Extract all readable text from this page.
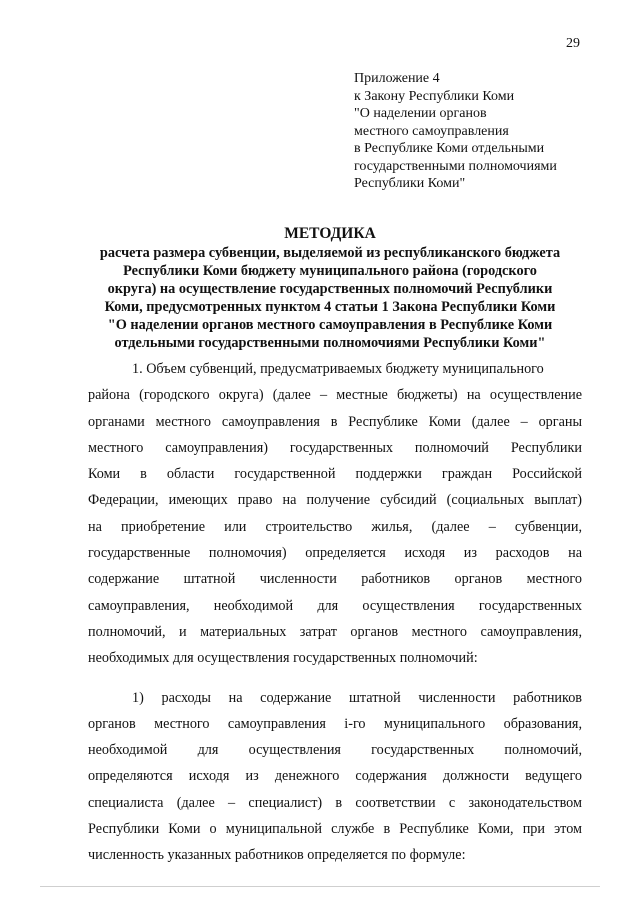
29
Приложение 4
к Закону Республики Коми
"О наделении органов
местного самоуправления
в Республике Коми отдельными
государственными полномочиями
Республики Коми"
МЕТОДИКА
расчета размера субвенции, выделяемой из республиканского бюджета
Республики Коми бюджету муниципального района (городского
округа) на осуществление государственных полномочий Республики
Коми, предусмотренных пунктом 4 статьи 1 Закона Республики Коми
"О наделении органов местного самоуправления в Республике Коми
отдельными государственными полномочиями Республики Коми"
1. Объем субвенций, предусматриваемых бюджету муниципального
района (городского округа) (далее – местные бюджеты) на осуществление
органами местного самоуправления в Республике Коми (далее – органы
местного самоуправления) государственных полномочий Республики
Коми в области государственной поддержки граждан Российской
Федерации, имеющих право на получение субсидий (социальных выплат)
на приобретение или строительство жилья, (далее – субвенции,
государственные полномочия) определяется исходя из расходов на
содержание штатной численности работников органов местного
самоуправления, необходимой для осуществления государственных
полномочий, и материальных затрат органов местного самоуправления,
необходимых для осуществления государственных полномочий:
1) расходы на содержание штатной численности работников
органов местного самоуправления i-го муниципального образования,
необходимой для осуществления государственных полномочий,
определяются исходя из денежного содержания должности ведущего
специалиста (далее – специалист) в соответствии с законодательством
Республики Коми о муниципальной службе в Республике Коми, при этом
численность указанных работников определяется по формуле:
